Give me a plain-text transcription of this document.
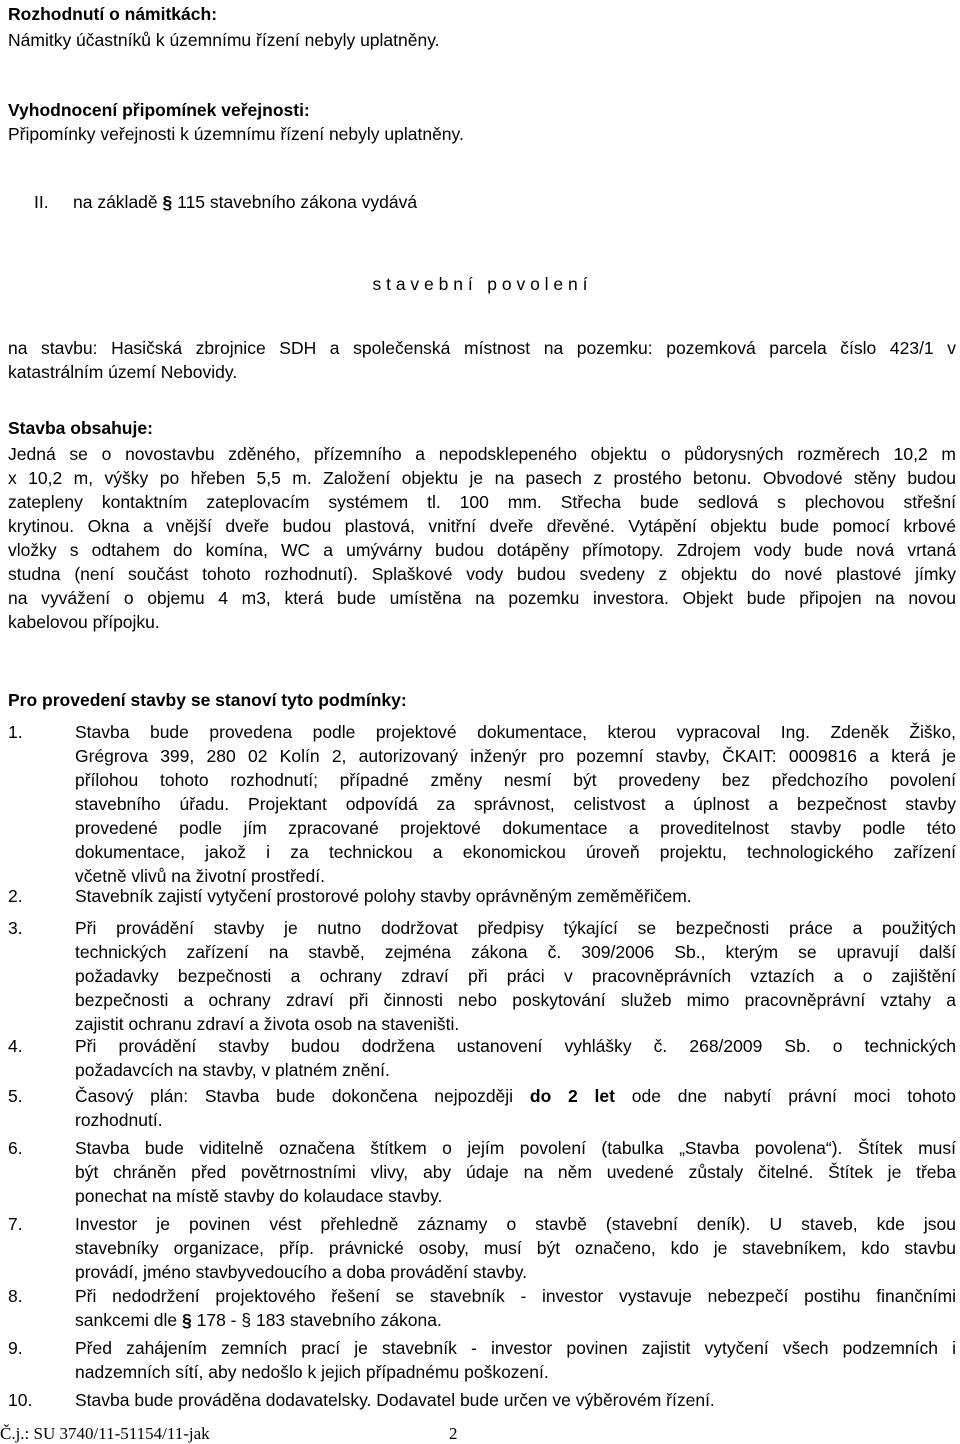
Rozhodnutí o námitkách:
Námitky účastníků k územnímu řízení nebyly uplatněny.
Vyhodnocení připomínek veřejnosti:
Připomínky veřejnosti k územnímu řízení nebyly uplatněny.
II. na základě § 115 stavebního zákona vydává
s t a v e b n í   p o v o l e n í
na stavbu: Hasičská zbrojnice SDH a společenská místnost na pozemku: pozemková parcela číslo 423/1 v
katastrálním území Nebovidy.
Stavba obsahuje:
Jedná se o novostavbu zděného, přízemního a nepodsklepeného objektu o půdorysných rozměrech 10,2 m
x 10,2 m, výšky po hřeben 5,5 m. Založení objektu je na pasech z prostého betonu. Obvodové stěny budou
zatepleny kontaktním zateplovacím systémem tl. 100 mm. Střecha bude sedlová s plechovou střešní
krytinou. Okna a vnější dveře budou plastová, vnitřní dveře dřevěné. Vytápění objektu bude pomocí krbové
vložky s odtahem do komína, WC a umývárny budou dotápěny přímotopy. Zdrojem vody bude nová vrtaná
studna (není součást tohoto rozhodnutí). Splaškové vody budou svedeny z objektu do nové plastové jímky
na vyvážení o objemu 4 m3, která bude umístěna na pozemku investora. Objekt bude připojen na novou
kabelovou přípojku.
Pro provedení stavby se stanoví tyto podmínky:
1.	Stavba bude provedena podle projektové dokumentace, kterou vypracoval Ing. Zdeněk Žiško,
Grégrova 399, 280 02 Kolín 2, autorizovaný inženýr pro pozemní stavby, ČKAIT: 0009816 a která je
přílohou tohoto rozhodnutí; případné změny nesmí být provedeny bez předchozího povolení
stavebního úřadu. Projektant odpovídá za správnost, celistvost a úplnost a bezpečnost stavby
provedené podle jím zpracované projektové dokumentace a proveditelnost stavby podle této
dokumentace, jakož i za technickou a ekonomickou úroveň projektu, technologického zařízení
včetně vlivů na životní prostředí.
2.	Stavebník zajistí vytyčení prostorové polohy stavby oprávněným zeměměřičem.
3.	Při provádění stavby je nutno dodržovat předpisy týkající se bezpečnosti práce a použitých
technických zařízení na stavbě, zejména zákona č. 309/2006 Sb., kterým se upravují další
požadavky bezpečnosti a ochrany zdraví při práci v pracovněprávních vztazích a o zajištění
bezpečnosti a ochrany zdraví při činnosti nebo poskytování služeb mimo pracovněprávní vztahy a
zajistit ochranu zdraví a života osob na staveništi.
4.	Při provádění stavby budou dodržena ustanovení vyhlášky č. 268/2009 Sb. o technických
požadavcích na stavby, v platném znění.
5.	Časový plán: Stavba bude dokončena nejpozději do 2 let ode dne nabytí právní moci tohoto
rozhodnutí.
6.	Stavba bude viditelně označena štítkem o jejím povolení (tabulka „Stavba povolena“). Štítek musí
být chráněn před povětrnostními vlivy, aby údaje na něm uvedené zůstaly čitelné. Štítek je třeba
ponechat na místě stavby do kolaudace stavby.
7.	Investor je povinen vést přehledně záznamy o stavbě (stavební deník). U staveb, kde jsou
stavebníky organizace, příp. právnické osoby, musí být označeno, kdo je stavebníkem, kdo stavbu
provádí, jméno stavbyvedoucího a doba provádění stavby.
8.	Při nedodržení projektového řešení se stavebník - investor vystavuje nebezpečí postihu finančními
sankcemi dle § 178 - § 183 stavebního zákona.
9.	Před zahájením zemních prací je stavebník - investor povinen zajistit vytyčení všech podzemních i
nadzemních sítí, aby nedošlo k jejich případnému poškození.
10. Stavba bude prováděna dodavatelsky. Dodavatel bude určen ve výběrovém řízení.
Č.j.: SU 3740/11-51154/11-jak	2
